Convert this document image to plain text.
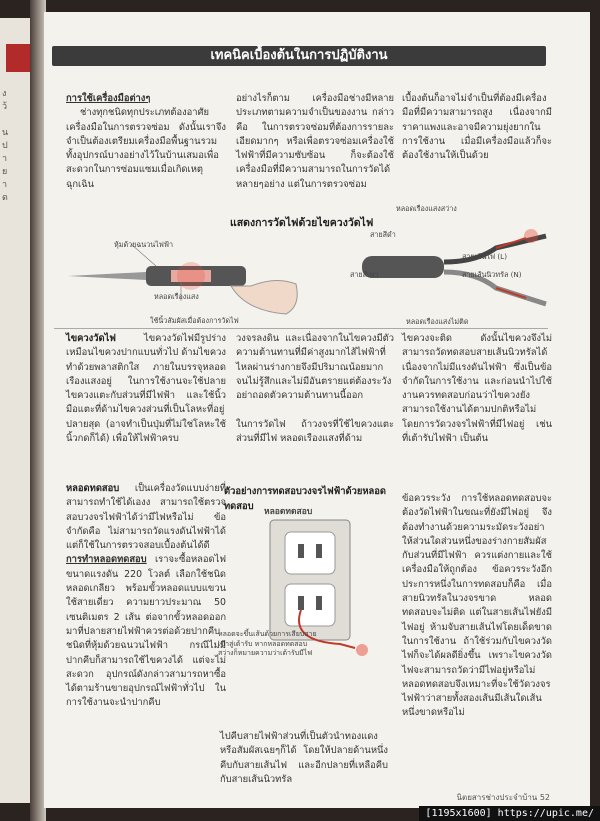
ง
ว้

น
ป
า
ย
า
ด
เทคนิคเบื้องต้นในการปฏิบัติงาน
การใช้เครื่องมือต่างๆ
ช่างทุกชนิดทุกประเภทต้องอาศัยเครื่องมือในการตรวจซ่อม ดังนั้นเราจึงจำเป็นต้องเตรียมเครื่องมือพื้นฐานรวมทั้งอุปกรณ์บางอย่างไว้ในบ้านเสมอเพื่อสะดวกในการซ่อมแซมเมื่อเกิดเหตุฉุกเฉิน
อย่างไรก็ตาม เครื่องมือช่างมีหลายประเภทตามความจำเป็นของงาน กล่าวคือ ในการตรวจซ่อมที่ต้องการรายละเอียดมากๆ หรือเพื่อตรวจซ่อมเครื่องใช้ไฟฟ้าที่มีความซับซ้อน ก็จะต้องใช้เครื่องมือที่มีความสามารถในการวัดได้หลายๆอย่าง แต่ในการตรวจซ่อม
เบื้องต้นก็อาจไม่จำเป็นที่ต้องมีเครื่องมือที่มีความสามารถสูง เนื่องจากมีราคาแพงและอาจมีความยุ่งยากในการใช้งาน เมื่อมีเครื่องมือแล้วก็จะต้องใช้งานให้เป็นด้วย
แสดงการวัดไฟด้วยไขควงวัดไฟ
หุ้มด้วยฉนวนไฟฟ้า
หลอดเรืองแสง
ใช้นิ้วสัมผัสเมื่อต้องการวัดไฟ
หลอดเรืองแสงสว่าง
สายสีดำ
สายเส้นไฟ (L)
สายเส้นนิวทรัล (N)
สายสีเทา
หลอดเรืองแสงไม่ติด
ไขควงวัดไฟ	ไขควงวัดไฟมีรูปร่างเหมือนไขควงปากแบนทั่วไป ด้ามไขควงทำด้วยพลาสติกใส ภายในบรรจุหลอดเรืองแสงอยู่ ในการใช้งานจะใช้ปลายไขควงแตะกับส่วนที่มีไฟฟ้า และใช้นิ้วมือแตะที่ด้ามไขควงส่วนที่เป็นโลหะที่อยู่ปลายสุด (อาจทำเป็นปุ่มที่ไม่ใช่โลหะใช้นิ้วกดก็ได้) เพื่อให้ไฟฟ้าครบ
วงจรลงดิน และเนื่องจากในไขควงมีตัวความต้านทานที่มีค่าสูงมากไส้ไฟฟ้าที่ไหลผ่านร่างกายจึงมีปริมาณน้อยมากจนไม่รู้สึกและไม่มีอันตรายแต่ต้องระวังอย่าถอดตัวความต้านทานนี้ออก

ในการวัดไฟ ถ้าวงจรที่ใช้ไขควงแตะส่วนที่มีไฟ หลอดเรืองแสงที่ด้าม
ไขควงจะติด ดังนั้นไขควงจึงไม่สามารถวัดทดสอบสายเส้นนิวทรัลได้เนื่องจากไม่มีแรงดันไฟฟ้า ซึ่งเป็นข้อจำกัดในการใช้งาน และก่อนนำไปใช้งานควรทดสอบก่อนว่าไขควงยังสามารถใช้งานได้ตามปกติหรือไม่ โดยการวัดวงจรไฟฟ้าที่มีไฟอยู่ เช่น ที่เต้ารับไฟฟ้า เป็นต้น
หลอดทดสอบ เป็นเครื่องวัดแบบง่ายที่สามารถทำใช้ได้เองง สามารถใช้ตรวจสอบวงจรไฟฟ้าได้ว่ามีไฟหรือไม่ ข้อจำกัดคือ ไม่สามารถวัดแรงดันไฟฟ้าได้ แต่ก็ใช้ในการตรวจสอบเบื้องต้นได้ดี
การทำหลอดทดสอบ เราจะซื้อหลอดไฟขนาดแรงดัน 220 โวลต์ เลือกใช้ชนิดหลอดเกลียว พร้อมขั้วหลอดแบบแขวน ใช้สายเดี่ยว ความยาวประมาณ 50 เซนติเมตร 2 เส้น ต่อจากขั้วหลอดออกมาที่ปลายสายไฟฟ้าควรต่อด้วยปากคีบชนิดที่หุ้มด้วยฉนวนไฟฟ้า กรณีไม่มีปากคีบก็สามารถใช้ไขควงได้ แต่จะไม่สะดวก อุปกรณ์ดังกล่าวสามารถหาซื้อได้ตามร้านขายอุปกรณ์ไฟฟ้าทั่วไป ในการใช้งานจะนำปากคีบ
ตัวอย่างการทดสอบวงจรไฟฟ้าด้วยหลอดทดสอบ	หลอดทดสอบ
หลอดจะขึ้นเส้นด้วยการเสียบสายเข้าสู่เต้ารับ หากหลอดทดสอบสว่างก็หมายความว่าเต้ารับมีไฟ
ไปคีบสายไฟฟ้าส่วนที่เป็นตัวนำทองแดงหรือสัมผัสเฉยๆก็ได้ โดยให้ปลายด้านหนึ่งคีบกับสายเส้นไฟ และอีกปลายที่เหลือคีบกับสายเส้นนิวทรัล
ข้อควรระวัง การใช้หลอดทดสอบจะต้องวัดไฟฟ้าในขณะที่ยังมีไฟอยู่ จึงต้องทำงานด้วยความระมัดระวังอย่าให้ส่วนใดส่วนหนึ่งของร่างกายสัมผัสกับส่วนที่มีไฟฟ้า ควรแต่งกายและใช้เครื่องมือให้ถูกต้อง ข้อควรระวังอีกประการหนึ่งในการทดสอบก็คือ เมื่อสายนิวทรัลในวงจรขาด หลอดทดสอบจะไม่ติด แต่ในสายเส้นไฟยังมีไฟอยู่ ห้ามจับสายเส้นไฟโดยเด็ดขาด ในการใช้งาน ถ้าใช้ร่วมกับไขควงวัดไฟก็จะได้ผลดียิ่งขึ้น เพราะไขควงวัดไฟจะสามารถวัดว่ามีไฟอยู่หรือไม่ หลอดทดสอบจึงเหมาะที่จะใช้วัดวงจรไฟฟ้าว่าสายทั้งสองเส้นมีเส้นใดเส้นหนึ่งขาดหรือไม่
นิตยสารช่างประจำบ้าน 52
[1195x1600] https://upic.me/
